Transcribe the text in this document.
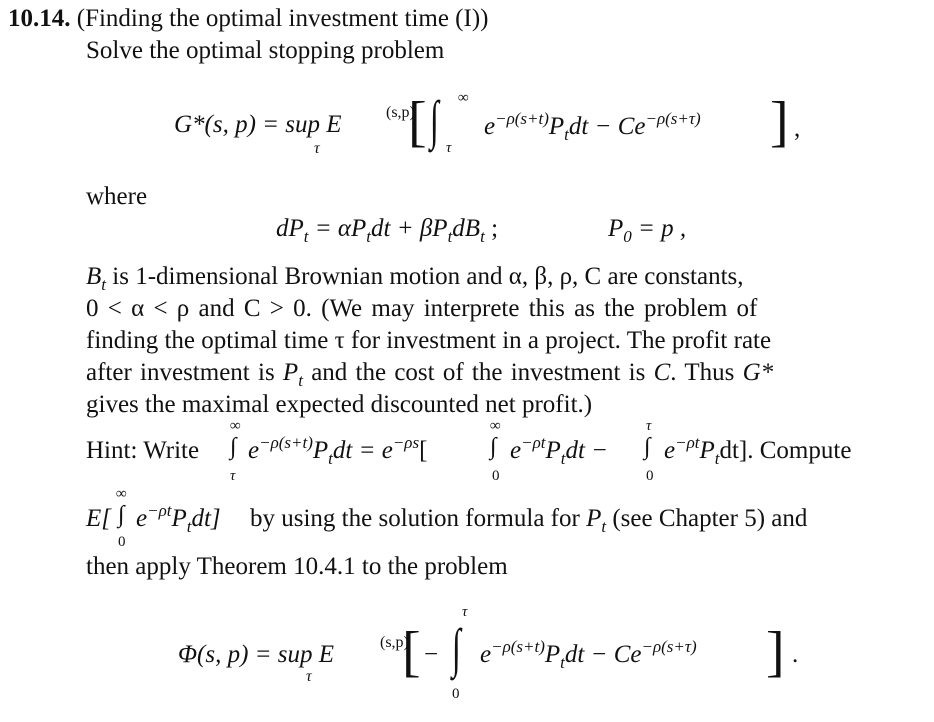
10.14. (Finding the optimal investment time (I))
Solve the optimal stopping problem
G*(s, p) = sup E	(s,p)
τ [ ∫ ∞
τ
$e^{-\rho(s+t)}P_tdt - Ce^{-\rho(s+\tau)}$ ] ,
where
$dP_t = \alpha P_tdt + \beta P_tdB_t$ ;	$P_0 = p$ ,
$B_t$ is 1-dimensional Brownian motion and α, β, ρ, C are constants,
0 < α < ρ and C > 0. (We may interprete this as the problem of
finding the optimal time τ for investment in a project. The profit rate
after investment is $P_t$ and the cost of the investment is C. Thus G*
gives the maximal expected discounted net profit.)
Hint: Write
∞
∫
τ
$e^{-\rho(s+t)}P_tdt = e^{-\rho s}$[
∞
∫
0
$e^{-\rho t}P_tdt$ −
τ
∫
0
$e^{-\rho t}P_tdt$]. Compute
E[
∞
∫
0
$e^{-\rho t}P_tdt$] by using the solution formula for $P_t$ (see Chapter 5) and
then apply Theorem 10.4.1 to the problem
Φ(s, p) = sup E	(s,p)
τ [ −
τ
∫
0
$e^{-\rho(s+t)}P_tdt - Ce^{-\rho(s+\tau)}$ ] .
